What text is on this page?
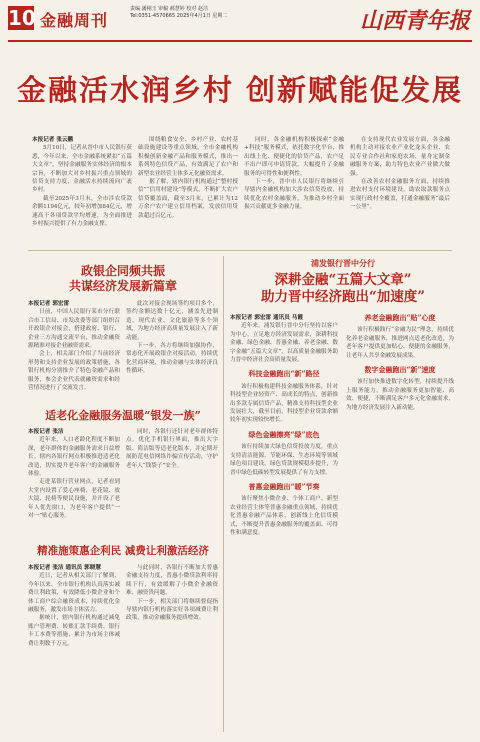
10 金融周刊
责编 潘栩玉 审稿 郝慧婷 校对 赵洁
Tel:0351-4570665 2025年4月1日 星期二	山西青年报
金融活水润乡村 创新赋能促发展
本报记者 张云鹏

5月10日，记者从晋中市人民银行获悉，今年以来，全市金融系统紧扣“五篇大文章”，坚持金融服务实体经济的根本宗旨，不断加大对乡村振兴重点领域的信贷支持力度，金融活水持续流向广袤乡村。

截至2025年3月末，全市涉农贷款余额1194亿元，较年初增加84亿元，增速高于各项贷款平均增速，为全面推进乡村振兴提供了有力金融支撑。

围绕粮食安全、乡村产业、农村基础设施建设等重点领域，全市金融机构积极创新金融产品和服务模式，推出一系列特色信贷产品，有效满足了农户和新型农业经营主体多元化融资需求。

据了解，辖内银行机构通过“整村授信”“信用村建设”等模式，不断扩大农户信贷覆盖面，截至3月末，已累计为12万余户农户建立信用档案，发放信用贷款超过百亿元。

同时，各金融机构积极探索“金融+科技”服务模式，依托数字化平台，推出线上化、便捷化的信贷产品，农户足不出户即可申请贷款，大幅提升了金融服务的可得性和便利性。

下一步，晋中市人民银行将继续引导辖内金融机构加大涉农信贷投放，持续优化农村金融服务，为推动乡村全面振兴贡献更多金融力量。

在支持现代农业发展方面，各金融机构主动对接农业产业化龙头企业、农民专业合作社和家庭农场，量身定制金融服务方案，助力特色农业产业做大做强。

在改善农村金融服务方面，持续推进农村支付环境建设，助农取款服务点实现行政村全覆盖，打通金融服务“最后一公里”。

政银企同频共振
共谋经济发展新篇章
本报记者 郭宏雷

日前，中国人民银行某市分行联合市工信局、市发改委等部门组织召开政银企对接会，搭建政府、银行、企业三方沟通交流平台，推动金融资源精准对接企业融资需求。

会上，相关部门介绍了当前经济形势和支持企业发展的政策措施，各银行机构分别推介了特色金融产品和服务，参会企业代表就融资需求和经营情况进行了交流发言。

此次对接会现场签约项目多个，签约金额达数十亿元，涵盖先进制造、现代农业、文化旅游等多个领域，为地方经济高质量发展注入了新动能。

下一步，各方将继续加强协作，常态化开展政银企对接活动，持续优化营商环境，推动金融与实体经济良性循环。

适老化金融服务温暖“银发一族”
本报记者 张洁

近年来，人口老龄化程度不断加深，老年群体的金融服务需求日益增长。辖内各银行网点积极推进适老化改造，切实提升老年客户的金融服务体验。

走进某银行营业网点，记者看到大堂内设置了爱心座椅、老花镜、放大镜、轮椅等便民设施，并开设了老年人优先窗口，为老年客户提供“一对一”贴心服务。

同时，各银行还针对老年群体特点，优化手机银行界面，推出大字版、简洁版等适老化版本，并定期开展防范电信网络诈骗宣传活动，守护老年人“钱袋子”安全。

精准施策惠企利民 减费让利激活经济
本报记者 张洁 通讯员 郭晓慧

近日，记者从相关部门了解到，今年以来，全市银行机构认真落实减费让利政策，有效降低小微企业和个体工商户综合融资成本，持续优化金融服务，激发市场主体活力。

据统计，辖内银行机构通过减免账户管理费、转账汇款手续费、银行卡工本费等措施，累计为市场主体减费让利数千万元。

与此同时，各银行不断加大普惠金融支持力度，普惠小微贷款利率持续下行，有效缓解了小微企业融资难、融资贵问题。

下一步，相关部门将继续督促指导辖内银行机构落实好各项减费让利政策，推动金融服务提质增效。

浦发银行晋中分行
深耕金融“五篇大文章”
助力晋中经济跑出“加速度”
本报记者 郭宏雷 通讯员 马霞

近年来，浦发银行晋中分行坚持以客户为中心，立足地方经济发展需求，深耕科技金融、绿色金融、普惠金融、养老金融、数字金融“五篇大文章”，以高质量金融服务助力晋中经济社会高质量发展。

科技金融跑出“新”路径

该行积极构建科技金融服务体系，针对科技型企业轻资产、高成长的特点，创新推出多款专属信贷产品，精准支持科技型企业发展壮大，截至目前，科技型企业贷款余额较年初实现较快增长。

绿色金融擦亮“绿”底色

该行持续加大绿色信贷投放力度，重点支持清洁能源、节能环保、生态环境等领域绿色项目建设，绿色贷款规模稳步提升，为晋中绿色低碳转型发展提供了有力支撑。

普惠金融跑出“暖”节奏

该行聚焦小微企业、个体工商户、新型农业经营主体等普惠金融重点领域，持续优化普惠金融产品体系，创新线上化信贷模式，不断提升普惠金融服务的覆盖面、可得性和满意度。

养老金融跑出“贴”心度

该行积极践行“金融为民”理念，持续优化养老金融服务，推进网点适老化改造，为老年客户提供更加贴心、便捷的金融服务，让老年人共享金融发展成果。

数字金融跑出“新”速度

该行加快推进数字化转型，持续提升线上服务能力，推动金融服务更加智能、高效、便捷，不断满足客户多元化金融需求，为地方经济发展注入新动能。
